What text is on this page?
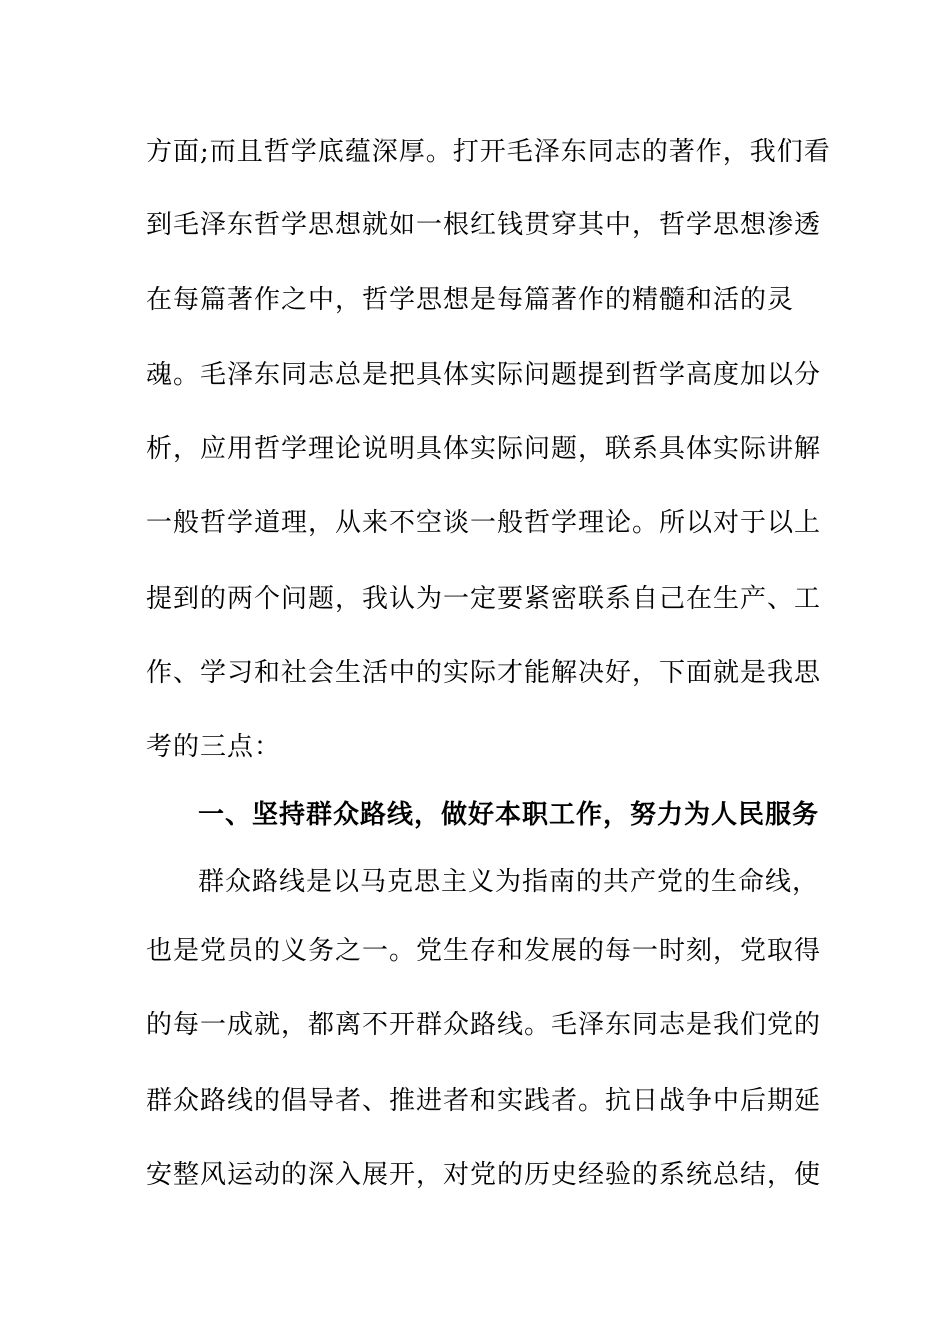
方面;而且哲学底蕴深厚。打开毛泽东同志的著作，我们看
到毛泽东哲学思想就如一根红钱贯穿其中，哲学思想渗透
在每篇著作之中，哲学思想是每篇著作的精髓和活的灵
魂。毛泽东同志总是把具体实际问题提到哲学高度加以分
析，应用哲学理论说明具体实际问题，联系具体实际讲解
一般哲学道理，从来不空谈一般哲学理论。所以对于以上
提到的两个问题，我认为一定要紧密联系自己在生产、工
作、学习和社会生活中的实际才能解决好，下面就是我思
考的三点：
一、坚持群众路线，做好本职工作，努力为人民服务
群众路线是以马克思主义为指南的共产党的生命线，
也是党员的义务之一。党生存和发展的每一时刻，党取得
的每一成就，都离不开群众路线。毛泽东同志是我们党的
群众路线的倡导者、推进者和实践者。抗日战争中后期延
安整风运动的深入展开，对党的历史经验的系统总结，使
